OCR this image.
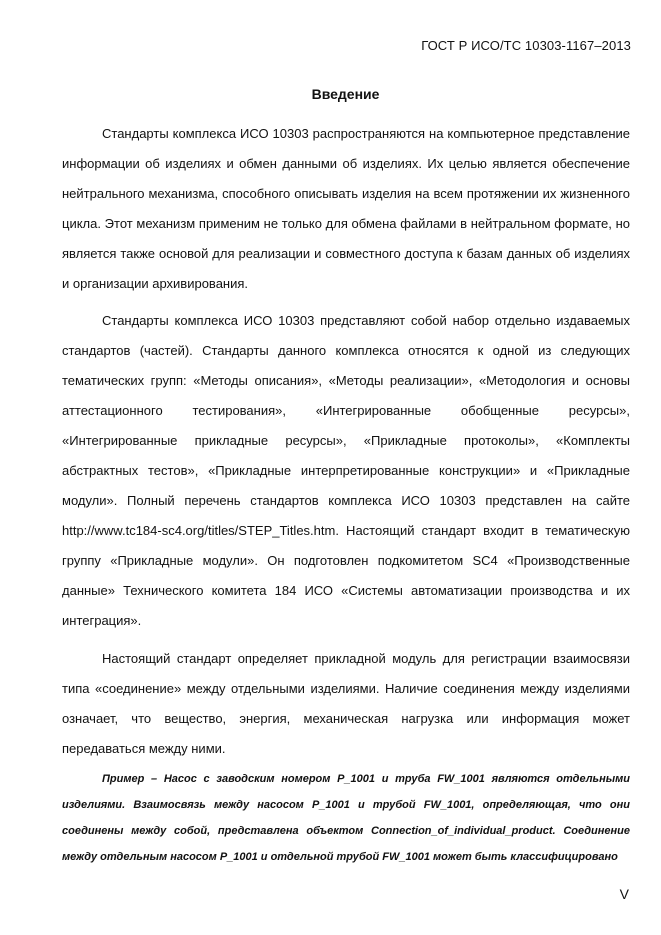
ГОСТ Р ИСО/ТС 10303-1167–2013
Введение

Стандарты комплекса ИСО 10303 распространяются на компьютерное представление информации об изделиях и обмен данными об изделиях. Их целью является обеспечение нейтрального механизма, способного описывать изделия на всем протяжении их жизненного цикла. Этот механизм применим не только для обмена файлами в нейтральном формате, но является также основой для реализации и совместного доступа к базам данных об изделиях и организации архивирования.

Стандарты комплекса ИСО 10303 представляют собой набор отдельно издаваемых стандартов (частей). Стандарты данного комплекса относятся к одной из следующих тематических групп: «Методы описания», «Методы реализации», «Методология и основы аттестационного тестирования», «Интегрированные обобщенные ресурсы», «Интегрированные прикладные ресурсы», «Прикладные протоколы», «Комплекты абстрактных тестов», «Прикладные интерпретированные конструкции» и «Прикладные модули». Полный перечень стандартов комплекса ИСО 10303 представлен на сайте http://www.tc184-sc4.org/titles/STEP_Titles.htm. Настоящий стандарт входит в тематическую группу «Прикладные модули». Он подготовлен подкомитетом SC4 «Производственные данные» Технического комитета 184 ИСО «Системы автоматизации производства и их интеграция».

Настоящий стандарт определяет прикладной модуль для регистрации взаимосвязи типа «соединение» между отдельными изделиями. Наличие соединения между изделиями означает, что вещество, энергия, механическая нагрузка или информация может передаваться между ними.

Пример – Насос с заводским номером P_1001 и труба FW_1001 являются отдельными изделиями. Взаимосвязь между насосом P_1001 и трубой FW_1001, определяющая, что они соединены между собой, представлена объектом Connection_of_individual_product. Соединение между отдельным насосом P_1001 и отдельной трубой FW_1001 может быть классифицировано

V
